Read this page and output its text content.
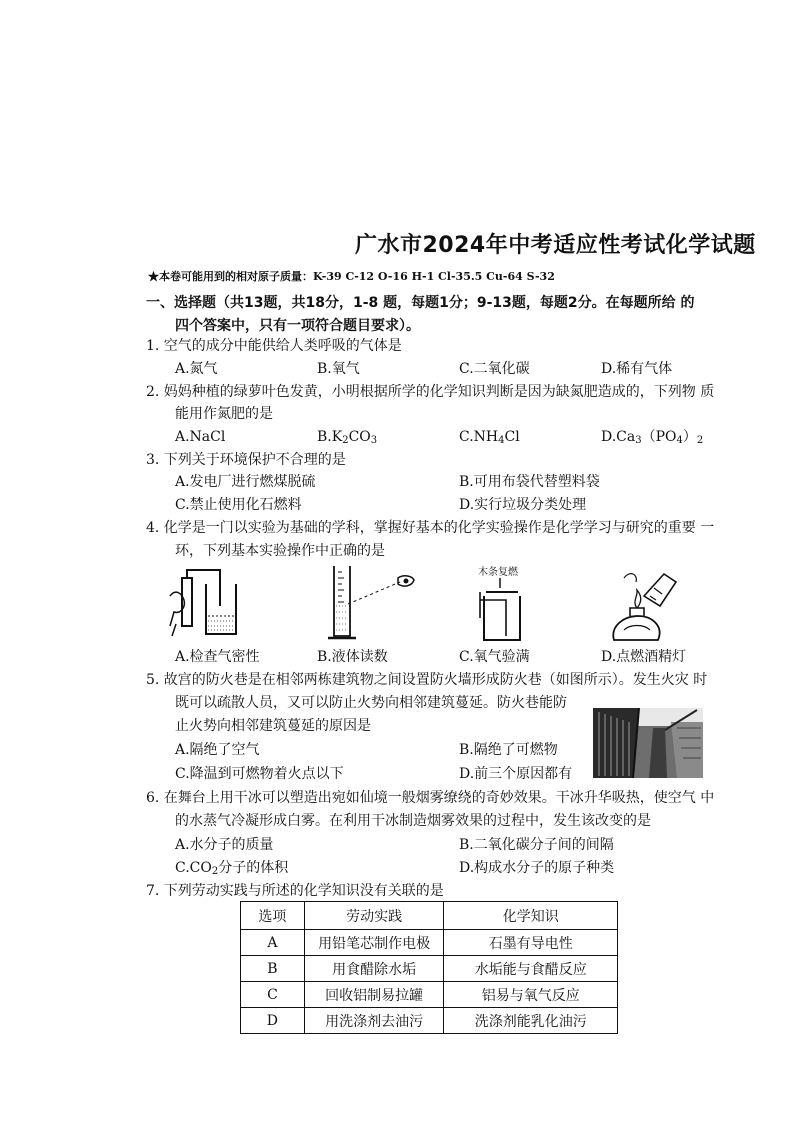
广水市2024年中考适应性考试化学试题
★本卷可能用到的相对原子质量：K-39 C-12 O-16 H-1 Cl-35.5 Cu-64 S-32
一、选择题（共13题，共18分，1-8 题，每题1分；9-13题，每题2分。在每题所给 的
四个答案中，只有一项符合题目要求）。
1. 空气的成分中能供给人类呼吸的气体是
A.氮气	B.氧气	C.二氧化碳	D.稀有气体
2. 妈妈种植的绿萝叶色发黄，小明根据所学的化学知识判断是因为缺氮肥造成的，下列物 质
能用作氮肥的是
A.NaCl	$B.K_2CO_3$	$C.NH_4Cl$	$D.Ca_3(PO_4)_2$
3. 下列关于环境保护不合理的是
A.发电厂进行燃煤脱硫	B.可用布袋代替塑料袋
C.禁止使用化石燃料	D.实行垃圾分类处理
4. 化学是一门以实验为基础的学科，掌握好基本的化学实验操作是化学学习与研究的重要 一
环，下列基本实验操作中正确的是
木条复燃
A.检查气密性	B.液体读数	C.氧气验满	D.点燃酒精灯
5. 故宫的防火巷是在相邻两栋建筑物之间设置防火墙形成防火巷（如图所示）。发生火灾 时
既可以疏散人员，又可以防止火势向相邻建筑蔓延。防火巷能防
止火势向相邻建筑蔓延的原因是
A.隔绝了空气	B.隔绝了可燃物
C.降温到可燃物着火点以下	D.前三个原因都有
6. 在舞台上用干冰可以塑造出宛如仙境一般烟雾缭绕的奇妙效果。干冰升华吸热，使空气 中
的水蒸气冷凝形成白雾。在利用干冰制造烟雾效果的过程中，发生该改变的是
A.水分子的质量	B.二氧化碳分子间的间隔
$C.CO_2$分子的体积	D.构成水分子的原子种类
7. 下列劳动实践与所述的化学知识没有关联的是
选项	劳动实践	化学知识
A	用铅笔芯制作电极	石墨有导电性
B	用食醋除水垢	水垢能与食醋反应
C	回收铝制易拉罐	铝易与氧气反应
D	用洗涤剂去油污	洗涤剂能乳化油污
